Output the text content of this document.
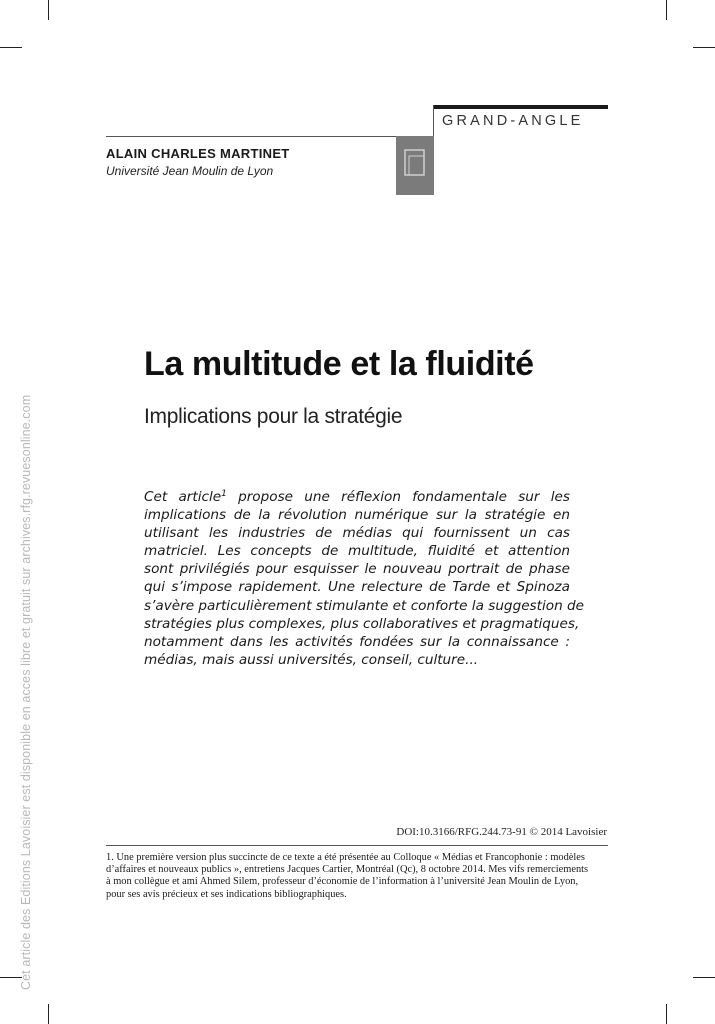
Cet article des Editions Lavoisier est disponible en acces libre et gratuit sur archives.rfg.revuesonline.com
GRAND-ANGLE
ALAIN CHARLES MARTINET
Université Jean Moulin de Lyon
La multitude et la fluidité
Implications pour la stratégie
Cet article$^1$ propose une réflexion fondamentale sur les
implications de la révolution numérique sur la stratégie en
utilisant les industries de médias qui fournissent un cas
matriciel. Les concepts de multitude, fluidité et attention
sont privilégiés pour esquisser le nouveau portrait de phase
qui s’impose rapidement. Une relecture de Tarde et Spinoza
s’avère particulièrement stimulante et conforte la suggestion de
stratégies plus complexes, plus collaboratives et pragmatiques,
notamment dans les activités fondées sur la connaissance :
médias, mais aussi universités, conseil, culture...
DOI:10.3166/RFG.244.73-91 © 2014 Lavoisier
1. Une première version plus succincte de ce texte a été présentée au Colloque « Médias et Francophonie : modèles
d’affaires et nouveaux publics », entretiens Jacques Cartier, Montréal (Qc), 8 octobre 2014. Mes vifs remerciements
à mon collègue et ami Ahmed Silem, professeur d’économie de l’information à l’université Jean Moulin de Lyon,
pour ses avis précieux et ses indications bibliographiques.
